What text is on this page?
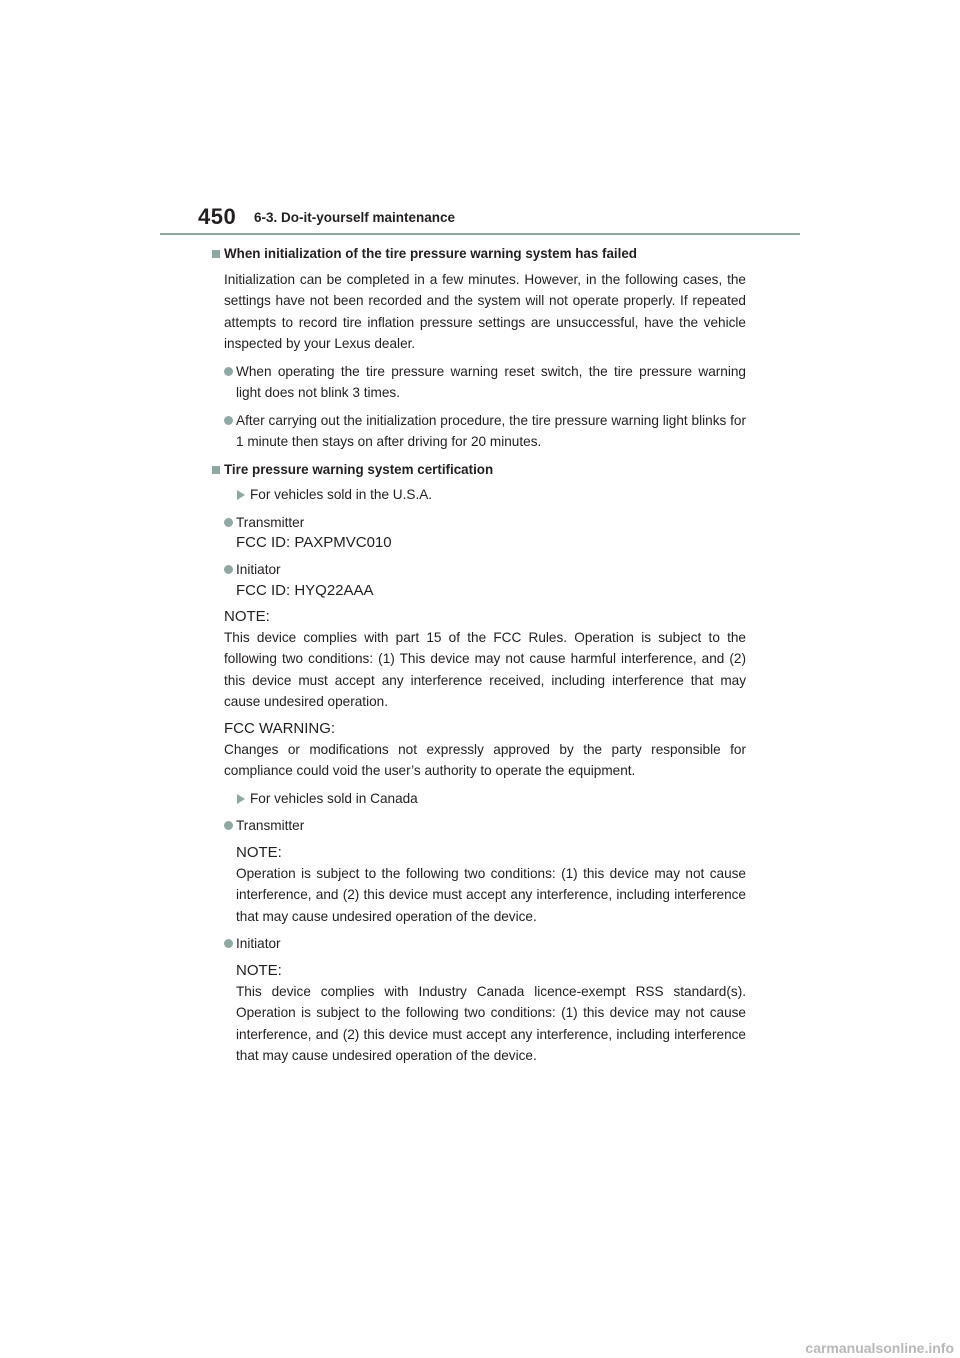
450 6-3. Do-it-yourself maintenance
When initialization of the tire pressure warning system has failed
Initialization can be completed in a few minutes. However, in the following cases, the settings have not been recorded and the system will not operate properly. If repeated attempts to record tire inflation pressure settings are unsuccessful, have the vehicle inspected by your Lexus dealer.
When operating the tire pressure warning reset switch, the tire pressure warning light does not blink 3 times.
After carrying out the initialization procedure, the tire pressure warning light blinks for 1 minute then stays on after driving for 20 minutes.
Tire pressure warning system certification
For vehicles sold in the U.S.A.
Transmitter
FCC ID: PAXPMVC010
Initiator
FCC ID: HYQ22AAA
NOTE:
This device complies with part 15 of the FCC Rules. Operation is subject to the following two conditions: (1) This device may not cause harmful interference, and (2) this device must accept any interference received, including interference that may cause undesired operation.
FCC WARNING:
Changes or modifications not expressly approved by the party responsible for compliance could void the user’s authority to operate the equipment.
For vehicles sold in Canada
Transmitter
NOTE:
Operation is subject to the following two conditions: (1) this device may not cause interference, and (2) this device must accept any interference, including interference that may cause undesired operation of the device.
Initiator
NOTE:
This device complies with Industry Canada licence-exempt RSS standard(s). Operation is subject to the following two conditions: (1) this device may not cause interference, and (2) this device must accept any interference, including interference that may cause undesired operation of the device.
carmanualsonline.info
